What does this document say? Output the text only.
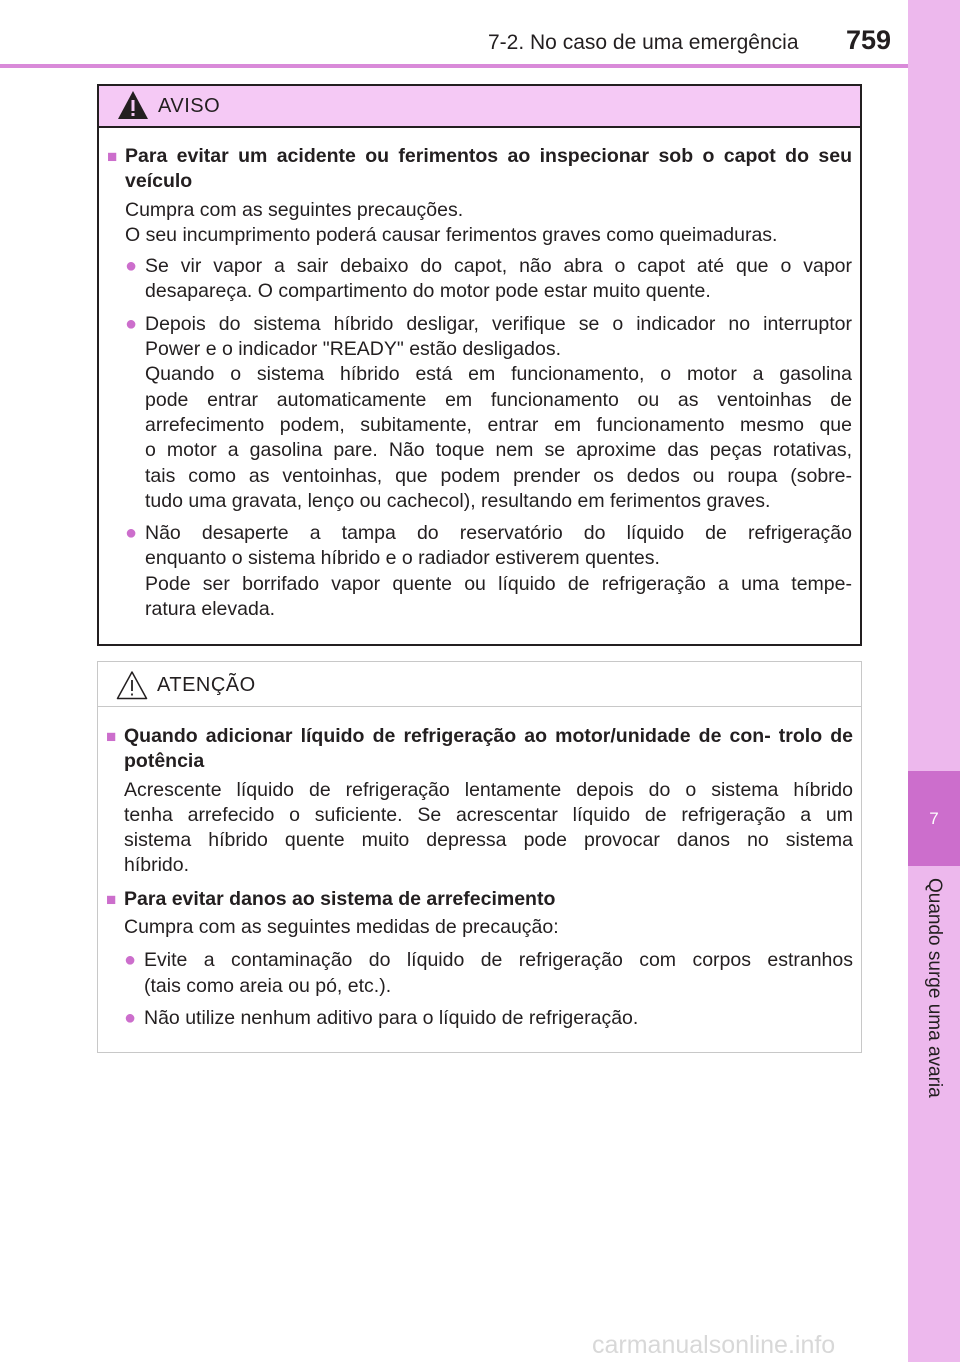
7-2. No caso de uma emergência 759
7
Quando surge uma avaria
AVISO
■ Para evitar um acidente ou ferimentos ao inspecionar sob o capot do seu veículo
Cumpra com as seguintes precauções.
O seu incumprimento poderá causar ferimentos graves como queimaduras.
● Se vir vapor a sair debaixo do capot, não abra o capot até que o vapor
desapareça. O compartimento do motor pode estar muito quente.
● Depois do sistema híbrido desligar, verifique se o indicador no interruptor
Power e o indicador "READY" estão desligados.
Quando o sistema híbrido está em funcionamento, o motor a gasolina
pode entrar automaticamente em funcionamento ou as ventoinhas de
arrefecimento podem, subitamente, entrar em funcionamento mesmo que
o motor a gasolina pare. Não toque nem se aproxime das peças rotativas,
tais como as ventoinhas, que podem prender os dedos ou roupa (sobre-
tudo uma gravata, lenço ou cachecol), resultando em ferimentos graves.
● Não desaperte a tampa do reservatório do líquido de refrigeração
enquanto o sistema híbrido e o radiador estiverem quentes.
Pode ser borrifado vapor quente ou líquido de refrigeração a uma tempe-
ratura elevada.
ATENÇÃO
■ Quando adicionar líquido de refrigeração ao motor/unidade de con- trolo de potência
Acrescente líquido de refrigeração lentamente depois do o sistema híbrido
tenha arrefecido o suficiente. Se acrescentar líquido de refrigeração a um
sistema híbrido quente muito depressa pode provocar danos no sistema
híbrido.
■ Para evitar danos ao sistema de arrefecimento
Cumpra com as seguintes medidas de precaução:
● Evite a contaminação do líquido de refrigeração com corpos estranhos
(tais como areia ou pó, etc.).
● Não utilize nenhum aditivo para o líquido de refrigeração.
carmanualsonline.info
